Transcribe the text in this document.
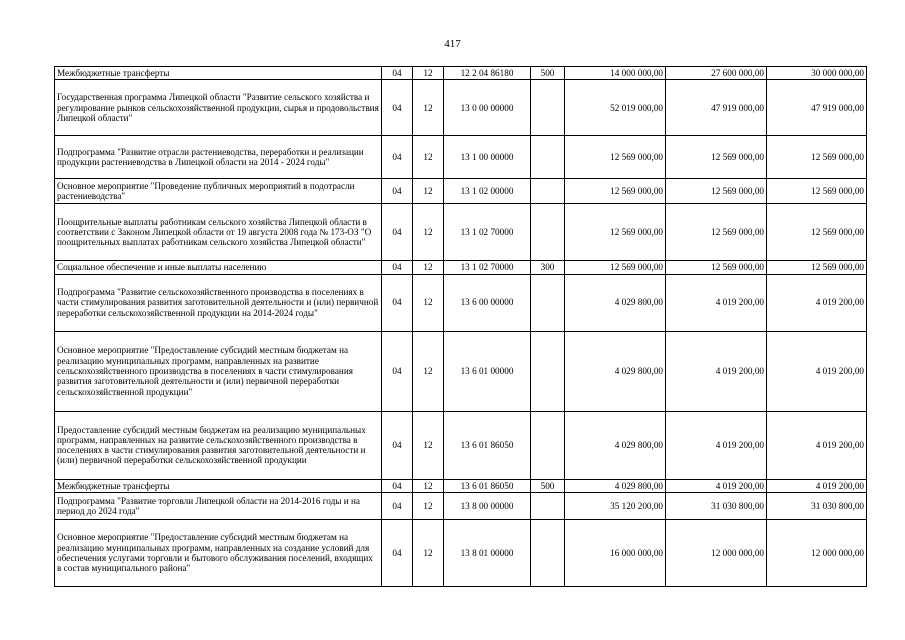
417
Межбюджетные трансферты	04	12	12 2 04 86180	500	14 000 000,00	27 600 000,00	30 000 000,00
Государственная программа Липецкой области "Развитие сельского хозяйства и регулирование рынков сельскохозяйственной продукции, сырья и продовольствия Липецкой области"	04	12	13 0 00 00000		52 019 000,00	47 919 000,00	47 919 000,00
Подпрограмма "Развитие отрасли растениеводства, переработки и реализации продукции растениеводства в Липецкой области на 2014 - 2024 годы"	04	12	13 1 00 00000		12 569 000,00	12 569 000,00	12 569 000,00
Основное мероприятие "Проведение публичных мероприятий в подотрасли растениеводства"	04	12	13 1 02 00000		12 569 000,00	12 569 000,00	12 569 000,00
Поощрительные выплаты работникам сельского хозяйства Липецкой области в соответствии с Законом Липецкой области от 19 августа 2008 года № 173-ОЗ "О поощрительных выплатах работникам сельского хозяйства Липецкой области"	04	12	13 1 02 70000		12 569 000,00	12 569 000,00	12 569 000,00
Социальное обеспечение и иные выплаты населению	04	12	13 1 02 70000	300	12 569 000,00	12 569 000,00	12 569 000,00
Подпрограмма "Развитие сельскохозяйственного производства в поселениях в части стимулирования развития заготовительной деятельности и (или) первичной переработки сельскохозяйственной продукции на 2014-2024 годы"	04	12	13 6 00 00000		4 029 800,00	4 019 200,00	4 019 200,00
Основное мероприятие "Предоставление субсидий местным бюджетам на реализацию муниципальных программ, направленных на развитие сельскохозяйственного производства в поселениях в части стимулирования развития заготовительной деятельности и (или) первичной переработки сельскохозяйственной продукции"	04	12	13 6 01 00000		4 029 800,00	4 019 200,00	4 019 200,00
Предоставление субсидий местным бюджетам на реализацию муниципальных программ, направленных на развитие сельскохозяйственного производства в поселениях в части стимулирования развития заготовительной деятельности и (или) первичной переработки сельскохозяйственной продукции	04	12	13 6 01 86050		4 029 800,00	4 019 200,00	4 019 200,00
Межбюджетные трансферты	04	12	13 6 01 86050	500	4 029 800,00	4 019 200,00	4 019 200,00
Подпрограмма "Развитие торговли Липецкой области на 2014-2016 годы и на период до 2024 года"	04	12	13 8 00 00000		35 120 200,00	31 030 800,00	31 030 800,00
Основное мероприятие "Предоставление субсидий местным бюджетам на реализацию муниципальных программ, направленных на создание условий для обеспечения услугами торговли и бытового обслуживания поселений, входящих в состав муниципального района"	04	12	13 8 01 00000		16 000 000,00	12 000 000,00	12 000 000,00
